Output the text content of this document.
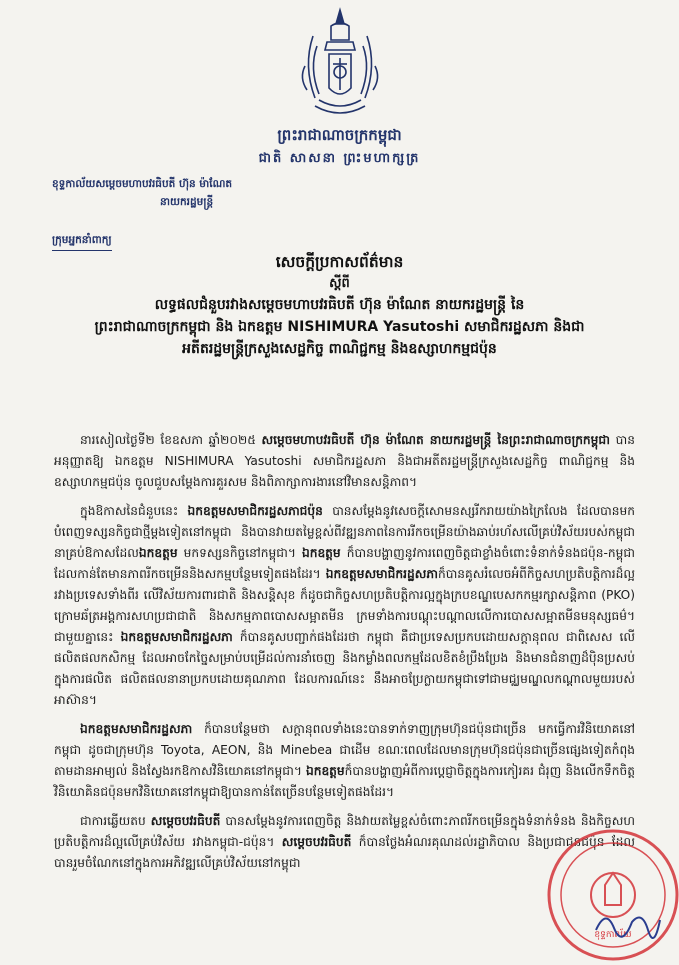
ព្រះរាជាណាចក្រកម្ពុជា
ជាតិ សាសនា ព្រះមហាក្សត្រ
ខុទ្ទកាល័យសម្តេចមហាបវរធិបតី ហ៊ុន ម៉ាណែត
នាយករដ្ឋមន្ត្រី
ក្រុមអ្នកនាំពាក្យ
សេចក្តីប្រកាសព័ត៌មាន
ស្តីពី
លទ្ធផលជំនួបរវាងសម្តេចមហាបវរធិបតី ហ៊ុន ម៉ាណែត នាយករដ្ឋមន្ត្រី នៃ
ព្រះរាជាណាចក្រកម្ពុជា និង ឯកឧត្តម NISHIMURA Yasutoshi សមាជិករដ្ឋសភា និងជា
អតីតរដ្ឋមន្ត្រីក្រសួងសេដ្ឋកិច្ច ពាណិជ្ជកម្ម និងឧស្សាហកម្មជប៉ុន

នារសៀលថ្ងៃទី២ ខែឧសភា ឆ្នាំ២០២៥ សម្តេចមហាបវរធិបតី ហ៊ុន ម៉ាណែត នាយករដ្ឋមន្ត្រី នៃព្រះរាជាណាចក្រកម្ពុជា បានអនុញ្ញាតឱ្យ ឯកឧត្តម NISHIMURA Yasutoshi សមាជិករដ្ឋសភា និងជាអតីតរដ្ឋមន្ត្រីក្រសួងសេដ្ឋកិច្ច ពាណិជ្ជកម្ម និងឧស្សាហកម្មជប៉ុន ចូលជួបសម្តែងការគួរសម និងពិភាក្សាការងារនៅវិមានសន្តិភាព។

ក្នុងឱកាសនៃជំនួបនេះ ឯកឧត្តមសមាជិករដ្ឋសភាជប៉ុន បានសម្តែងនូវសេចក្តីសោមនស្សរីករាយយ៉ាងក្រៃលែង ដែលបានមកបំពេញទស្សនកិច្ចជាថ្មីម្តងទៀតនៅកម្ពុជា និងបានវាយតម្លៃខ្ពស់ពីវឌ្ឍនភាពនៃការរីកចម្រើនយ៉ាងឆាប់រហ័សលើគ្រប់វិស័យរបស់កម្ពុជា នាគ្រប់ឱកាសដែលឯកឧត្តម មកទស្សនកិច្ចនៅកម្ពុជា។ ឯកឧត្តម ក៏បានបង្ហាញនូវការពេញចិត្តជាខ្លាំងចំពោះទំនាក់ទំនងជប៉ុន-កម្ពុជា ដែលកាន់តែមានភាពរីកចម្រើននិងសកម្មបន្ថែមទៀតផងដែរ។ ឯកឧត្តមសមាជិករដ្ឋសភាក៏បានគូសរំលេចអំពីកិច្ចសហប្រតិបត្តិការដ៏ល្អរវាងប្រទេសទាំងពីរ លើវិស័យការពារជាតិ និងសន្តិសុខ ក៏ដូចជាកិច្ចសហប្រតិបត្តិការល្អក្នុងក្របខណ្ឌបេសកកម្មរក្សាសន្តិភាព (PKO) ក្រោមឆ័ត្រអង្គការសហប្រជាជាតិ និងសកម្មភាពបោសសម្អាតមីន ក្រមទាំងការបណ្តុះបណ្តាលលើការបោសសម្អាតមីនមនុស្សធម៌។ ជាមួយគ្នានេះ ឯកឧត្តមសមាជិករដ្ឋសភា ក៏បានគូសបញ្ជាក់ផងដែរថា កម្ពុជា គឺជាប្រទេសប្រកបដោយសក្តានុពល ជាពិសេស លើផលិតផលកសិកម្ម ដែលអាចកែច្នៃសម្រាប់បម្រើដល់ការនាំចេញ និងកម្លាំងពលកម្មដែលខិតខំប្រឹងប្រែង និងមានជំនាញដ៏ប៉ិនប្រសប់ ក្នុងការផលិត ផលិតផលនានាប្រកបដោយគុណភាព ដែលការណ៍នេះ នឹងអាចប្រែក្លាយកម្ពុជាទៅជាមជ្ឈមណ្ឌលកណ្តាលមួយរបស់អាស៊ាន។

ឯកឧត្តមសមាជិករដ្ឋសភា ក៏បានបន្ថែមថា សក្តានុពលទាំងនេះបានទាក់ទាញក្រុមហ៊ុនជប៉ុនជាច្រើន មកធ្វើការវិនិយោគនៅកម្ពុជា ដូចជាក្រុមហ៊ុន Toyota, AEON, និង Minebea ជាដើម ខណៈពេលដែលមានក្រុមហ៊ុនជប៉ុនជាច្រើនផ្សេងទៀតកំពុងតាមដានអាម្យល់ និងស្វែងរកឱកាសវិនិយោគនៅកម្ពុជា។ ឯកឧត្តមក៏បានបង្ហាញអំពីការប្តេជ្ញាចិត្តក្នុងការកៀរគរ ជំរុញ និងលើកទឹកចិត្តវិនិយោគិនជប៉ុនមកវិនិយោគនៅកម្ពុជាឱ្យបានកាន់តែច្រើនបន្ថែមទៀតផងដែរ។

ជាការឆ្លើយតប សម្តេចបវរធិបតី បានសម្តែងនូវការពេញចិត្ត និងវាយតម្លៃខ្ពស់ចំពោះភាពរីកចម្រើនក្នុងទំនាក់ទំនង និងកិច្ចសហប្រតិបត្តិការដ៏ល្អលើគ្រប់វិស័យ រវាងកម្ពុជា-ជប៉ុន។ សម្តេចបវរធិបតី ក៏បានថ្លែងអំណរគុណដល់រដ្ឋាភិបាល និងប្រជាជនជប៉ុន ដែលបានរួមចំណែកនៅក្នុងការអភិវឌ្ឍលើគ្រប់វិស័យនៅកម្ពុជា

ខុទ្ទកាល័យ
